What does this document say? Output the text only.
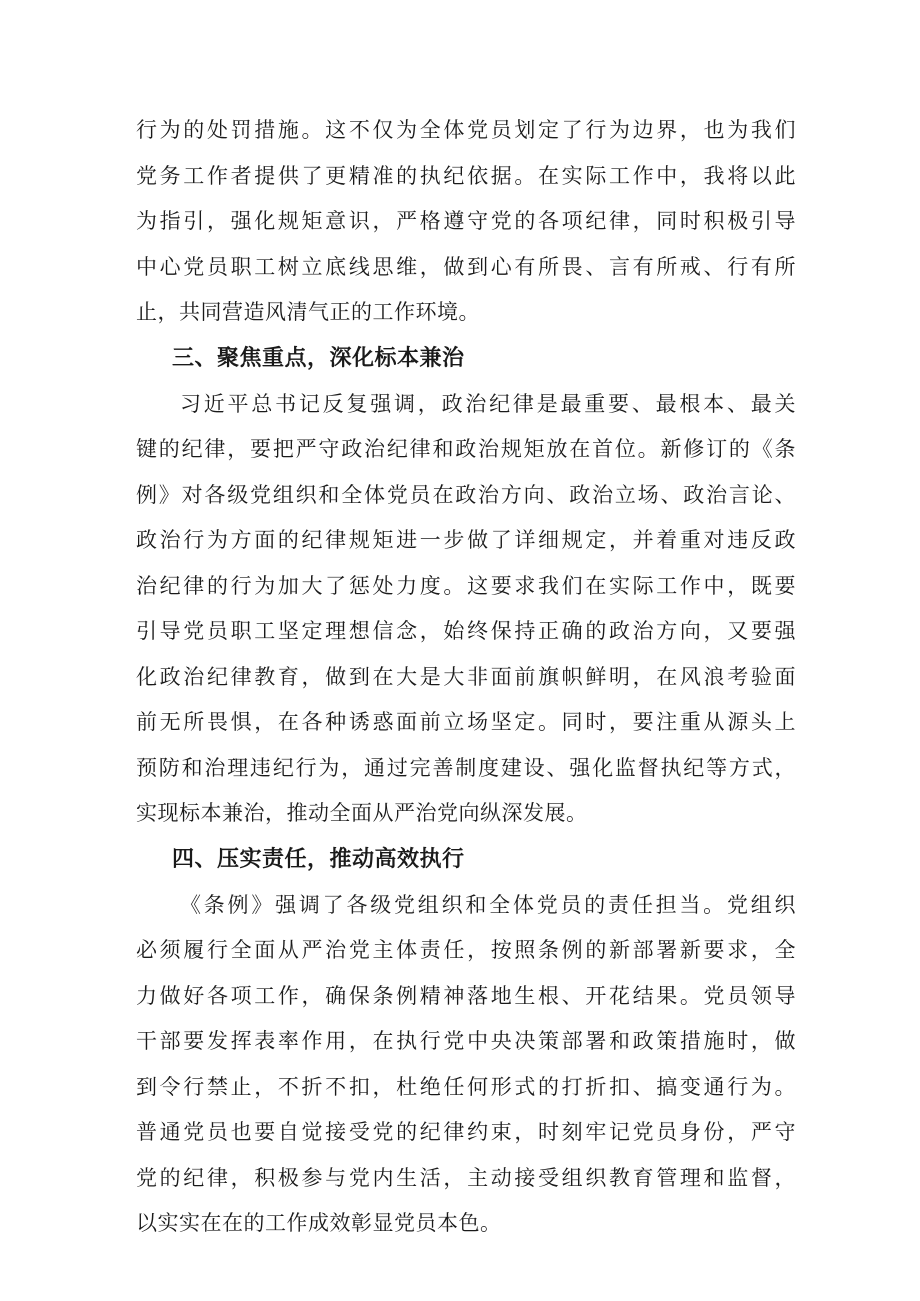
行为的处罚措施。这不仅为全体党员划定了行为边界，也为我们
党务工作者提供了更精准的执纪依据。在实际工作中，我将以此
为指引，强化规矩意识，严格遵守党的各项纪律，同时积极引导
中心党员职工树立底线思维，做到心有所畏、言有所戒、行有所
止，共同营造风清气正的工作环境。
三、聚焦重点，深化标本兼治
习近平总书记反复强调，政治纪律是最重要、最根本、最关
键的纪律，要把严守政治纪律和政治规矩放在首位。新修订的《条
例》对各级党组织和全体党员在政治方向、政治立场、政治言论、
政治行为方面的纪律规矩进一步做了详细规定，并着重对违反政
治纪律的行为加大了惩处力度。这要求我们在实际工作中，既要
引导党员职工坚定理想信念，始终保持正确的政治方向，又要强
化政治纪律教育，做到在大是大非面前旗帜鲜明，在风浪考验面
前无所畏惧，在各种诱惑面前立场坚定。同时，要注重从源头上
预防和治理违纪行为，通过完善制度建设、强化监督执纪等方式，
实现标本兼治，推动全面从严治党向纵深发展。
四、压实责任，推动高效执行
《条例》强调了各级党组织和全体党员的责任担当。党组织
必须履行全面从严治党主体责任，按照条例的新部署新要求，全
力做好各项工作，确保条例精神落地生根、开花结果。党员领导
干部要发挥表率作用，在执行党中央决策部署和政策措施时，做
到令行禁止，不折不扣，杜绝任何形式的打折扣、搞变通行为。
普通党员也要自觉接受党的纪律约束，时刻牢记党员身份，严守
党的纪律，积极参与党内生活，主动接受组织教育管理和监督，
以实实在在的工作成效彰显党员本色。
